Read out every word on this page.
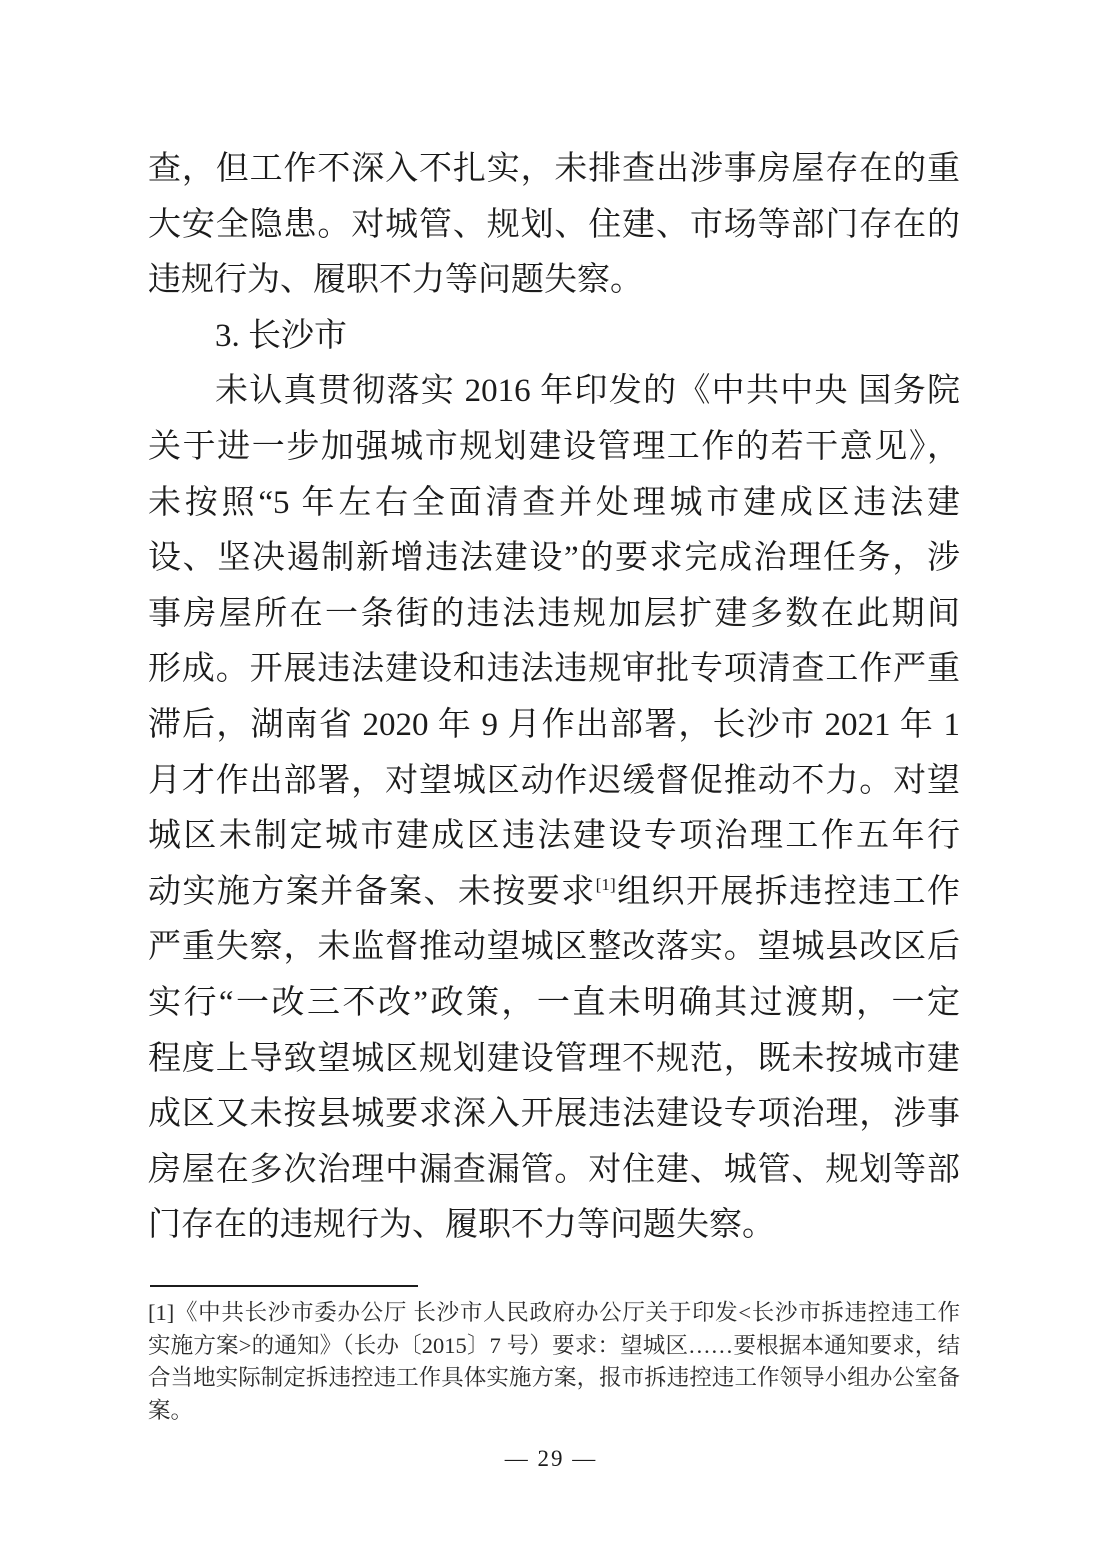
查，但工作不深入不扎实，未排查出涉事房屋存在的重
大安全隐患。对城管、规划、住建、市场等部门存在的
违规行为、履职不力等问题失察。
3. 长沙市
未认真贯彻落实 2016 年印发的《中共中央 国务院
关于进一步加强城市规划建设管理工作的若干意见》，
未按照“5 年左右全面清查并处理城市建成区违法建
设、坚决遏制新增违法建设”的要求完成治理任务，涉
事房屋所在一条街的违法违规加层扩建多数在此期间
形成。开展违法建设和违法违规审批专项清查工作严重
滞后，湖南省 2020 年 9 月作出部署，长沙市 2021 年 1
月才作出部署，对望城区动作迟缓督促推动不力。对望
城区未制定城市建成区违法建设专项治理工作五年行
动实施方案并备案、未按要求[1]组织开展拆违控违工作
严重失察，未监督推动望城区整改落实。望城县改区后
实行“一改三不改”政策，一直未明确其过渡期，一定
程度上导致望城区规划建设管理不规范，既未按城市建
成区又未按县城要求深入开展违法建设专项治理，涉事
房屋在多次治理中漏查漏管。对住建、城管、规划等部
门存在的违规行为、履职不力等问题失察。
[1]《中共长沙市委办公厅 长沙市人民政府办公厅关于印发<长沙市拆违控违工作
实施方案>的通知》（长办〔2015〕7 号）要求：望城区……要根据本通知要求，结
合当地实际制定拆违控违工作具体实施方案，报市拆违控违工作领导小组办公室备
案。
— 29 —
